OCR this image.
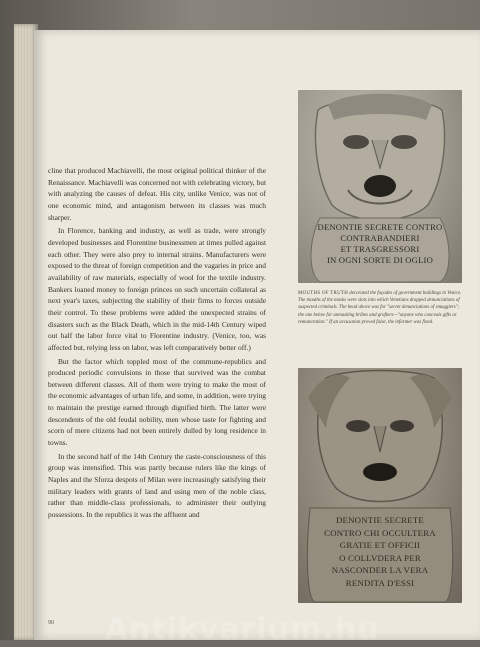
cline that produced Machiavelli, the most original political thinker of the Renaissance. Machiavelli was concerned not with celebrating victory, but with analyzing the causes of defeat. His city, unlike Venice, was not of one economic mind, and antagonism between its classes was much sharper.

In Florence, banking and industry, as well as trade, were strongly developed businesses and Florentine businessmen at times pulled against each other. They were also prey to internal strains. Manufacturers were exposed to the threat of foreign competition and the vagaries in price and availability of raw materials, especially of wool for the textile industry. Bankers loaned money to foreign princes on such uncertain collateral as next year's taxes, subjecting the stability of their firms to forces outside their control. To these problems were added the unexpected strains of disasters such as the Black Death, which in the mid-14th Century wiped out half the labor force vital to Florentine industry. (Venice, too, was affected but, relying less on labor, was left comparatively better off.)

But the factor which toppled most of the commune-republics and produced periodic convulsions in those that survived was the combat between different classes. All of them were trying to make the most of the economic advantages of urban life, and some, in addition, were trying to maintain the prestige earned through dignified birth. The latter were descendents of the old feudal nobility, men whose taste for fighting and scorn of mere citizens had not been entirely dulled by long residence in towns.

In the second half of the 14th Century the caste-consciousness of this group was intensified. This was partly because rulers like the kings of Naples and the Sforza despots of Milan were increasingly satisfying their military leaders with grants of land and using men of the noble class, rather than middle-class professionals, to administer their outlying possessions. In the republics it was the affluent and

90

DENONTIE SECRETE CONTRO
CONTRABANDIERI
ET TRASGRESSORI
IN OGNI SORTE DI OGLIO

MOUTHS OF TRUTH decorated the façades of government buildings in Venice. The mouths of the masks were slots into which Venetians dropped denunciations of suspected criminals. The head above was for "secret denunciations of smugglers"; the one below for unmasking bribes and grafters—"anyone who conceals gifts or remuneration." If an accusation proved false, the informer was fined.

DENONTIE SECRETE
CONTRO CHI OCCULTERA
GRATIE ET OFFICII
O COLLVDERA PER
NASCONDER LA VERA
RENDITA D'ESSI

Antikvarium.hu
